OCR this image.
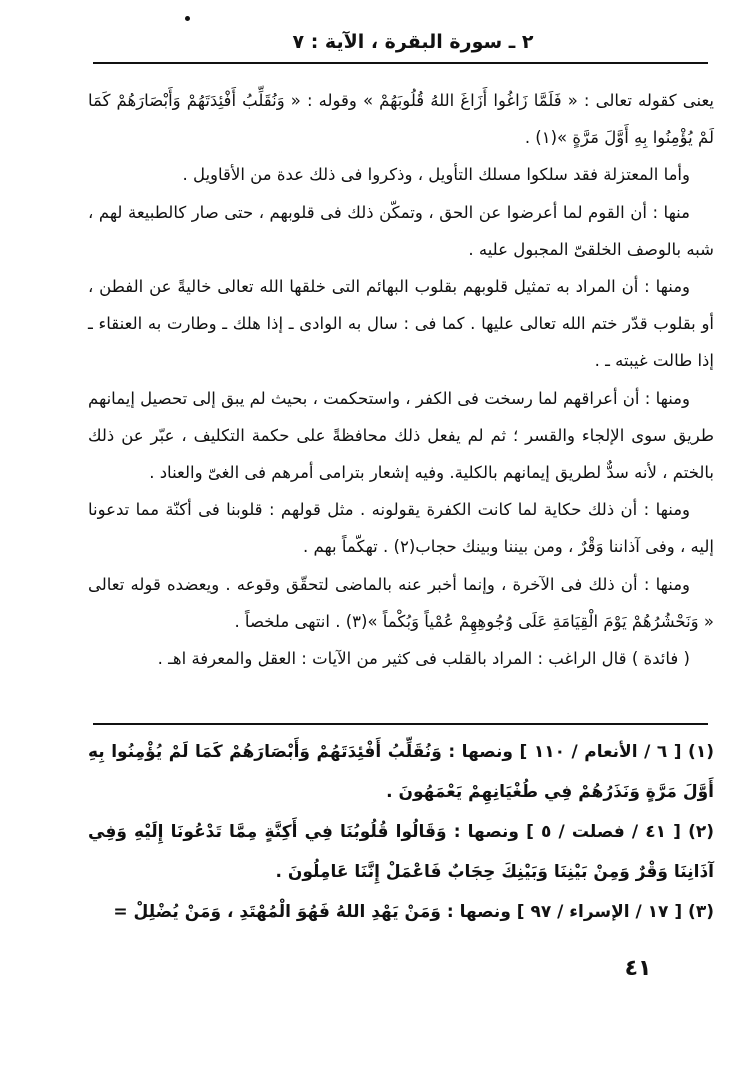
٢ ـ سورة البقرة ، الآية : ٧

يعنى كقوله تعالى : « فَلَمَّا زَاغُوا أَزَاغَ اللهُ قُلُوبَهُمْ » وقوله : « وَنُقَلِّبُ أَفْئِدَتَهُمْ وَأَبْصَارَهُمْ كَمَا لَمْ يُؤْمِنُوا بِهِ أَوَّلَ مَرَّةٍ »(١) .

وأما المعتزلة فقد سلكوا مسلك التأويل ، وذكروا فى ذلك عدة من الأقاويل .

منها : أن القوم لما أعرضوا عن الحق ، وتمكّن ذلك فى قلوبهم ، حتى صار كالطبيعة لهم ، شبه بالوصف الخلقىّ المجبول عليه .

ومنها : أن المراد به تمثيل قلوبهم بقلوب البهائم التى خلقها الله تعالى خاليةً عن الفطن ، أو بقلوب قدّر ختم الله تعالى عليها . كما فى : سال به الوادى ـ إذا هلك ـ وطارت به العنقاء ـ إذا طالت غيبته ـ .

ومنها : أن أعراقهم لما رسخت فى الكفر ، واستحكمت ، بحيث لم يبق إلى تحصيل إيمانهم طريق سوى الإلجاء والقسر ؛ ثم لم يفعل ذلك محافظةً على حكمة التكليف ، عبّر عن ذلك بالختم ، لأنه سدٌّ لطريق إيمانهم بالكلية. وفيه إشعار بترامى أمرهم فى الغىّ والعناد .

ومنها : أن ذلك حكاية لما كانت الكفرة يقولونه . مثل قولهم : قلوبنا فى أكنّة مما تدعونا إليه ، وفى آذاننا وَقْرٌ ، ومن بيننا وبينك حجاب(٢) . تهكّماً بهم .

ومنها : أن ذلك فى الآخرة ، وإنما أخبر عنه بالماضى لتحقّق وقوعه . ويعضده قوله تعالى « وَنَحْشُرُهُمْ يَوْمَ الْقِيَامَةِ عَلَى وُجُوهِهِمْ عُمْياً وَبُكْماً »(٣) . انتهى ملخصاً .

( فائدة ) قال الراغب : المراد بالقلب فى كثير من الآيات : العقل والمعرفة اهـ .

(١) [ ٦ / الأنعام / ١١٠ ] ونصها : وَنُقَلِّبُ أَفْئِدَتَهُمْ وَأَبْصَارَهُمْ كَمَا لَمْ يُؤْمِنُوا بِهِ أَوَّلَ مَرَّةٍ وَنَذَرُهُمْ فِي طُغْيَانِهِمْ يَعْمَهُونَ .

(٢) [ ٤١ / فصلت / ٥ ] ونصها : وَقَالُوا قُلُوبُنَا فِي أَكِنَّةٍ مِمَّا تَدْعُونَا إِلَيْهِ وَفِي آذَانِنَا وَقْرٌ وَمِنْ بَيْنِنَا وَبَيْنِكَ حِجَابٌ فَاعْمَلْ إِنَّنَا عَامِلُونَ .

(٣) [ ١٧ / الإسراء / ٩٧ ] ونصها : وَمَنْ يَهْدِ اللهُ فَهُوَ الْمُهْتَدِ ، وَمَنْ يُضْلِلْ =

٤١
